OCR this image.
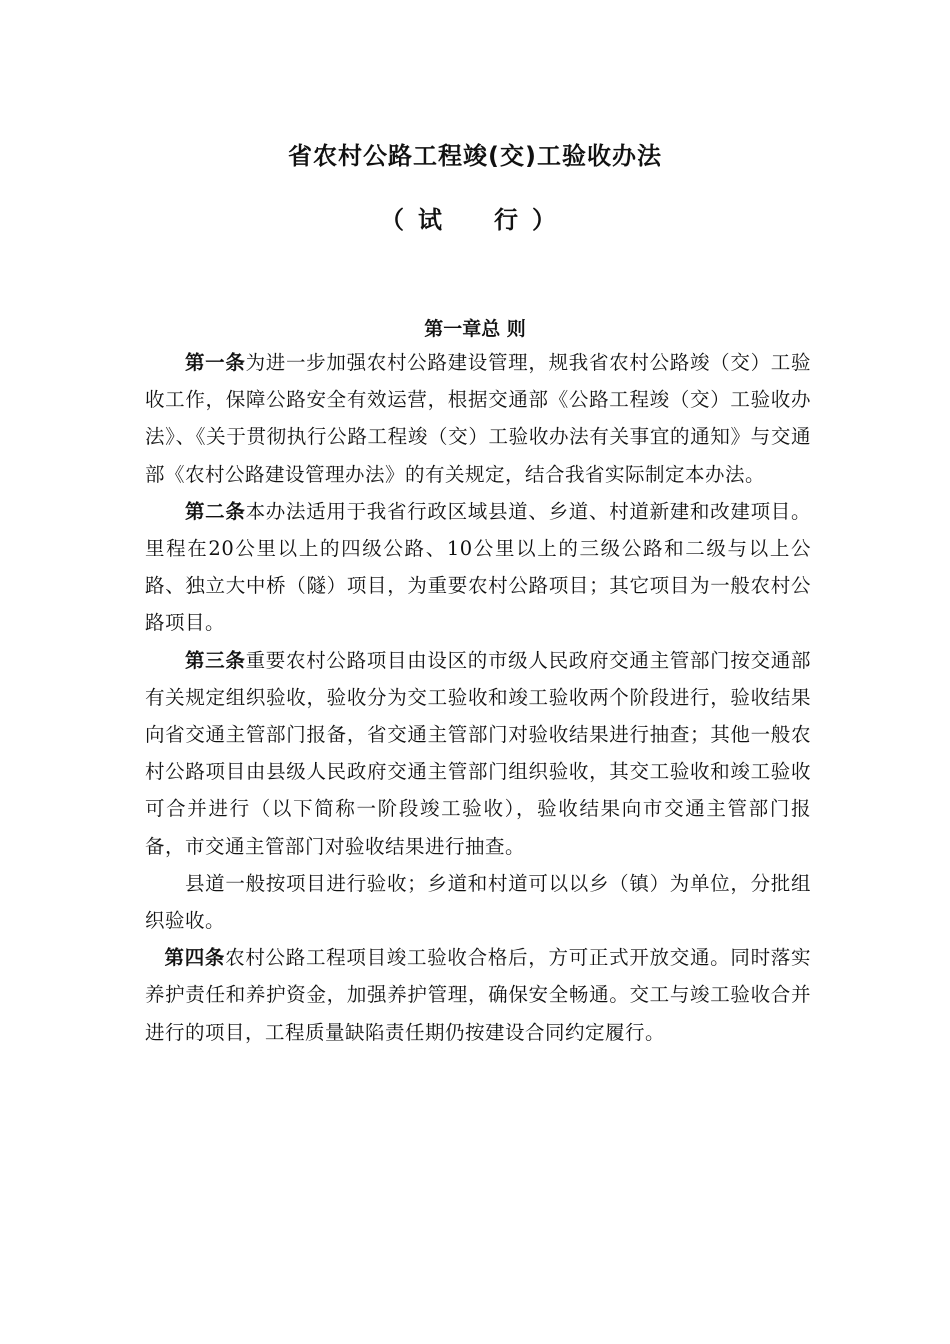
省农村公路工程竣(交)工验收办法
（试　行）
第一章总 则

第一条为进一步加强农村公路建设管理，规我省农村公路竣（交）工验收工作，保障公路安全有效运营，根据交通部《公路工程竣（交）工验收办法》、《关于贯彻执行公路工程竣（交）工验收办法有关事宜的通知》与交通部《农村公路建设管理办法》的有关规定，结合我省实际制定本办法。

第二条本办法适用于我省行政区域县道、乡道、村道新建和改建项目。里程在20公里以上的四级公路、10公里以上的三级公路和二级与以上公路、独立大中桥（隧）项目，为重要农村公路项目；其它项目为一般农村公路项目。

第三条重要农村公路项目由设区的市级人民政府交通主管部门按交通部有关规定组织验收，验收分为交工验收和竣工验收两个阶段进行，验收结果向省交通主管部门报备，省交通主管部门对验收结果进行抽查；其他一般农村公路项目由县级人民政府交通主管部门组织验收，其交工验收和竣工验收可合并进行（以下简称一阶段竣工验收），验收结果向市交通主管部门报备，市交通主管部门对验收结果进行抽查。

县道一般按项目进行验收；乡道和村道可以以乡（镇）为单位，分批组织验收。

第四条农村公路工程项目竣工验收合格后，方可正式开放交通。同时落实养护责任和养护资金，加强养护管理，确保安全畅通。交工与竣工验收合并进行的项目，工程质量缺陷责任期仍按建设合同约定履行。
